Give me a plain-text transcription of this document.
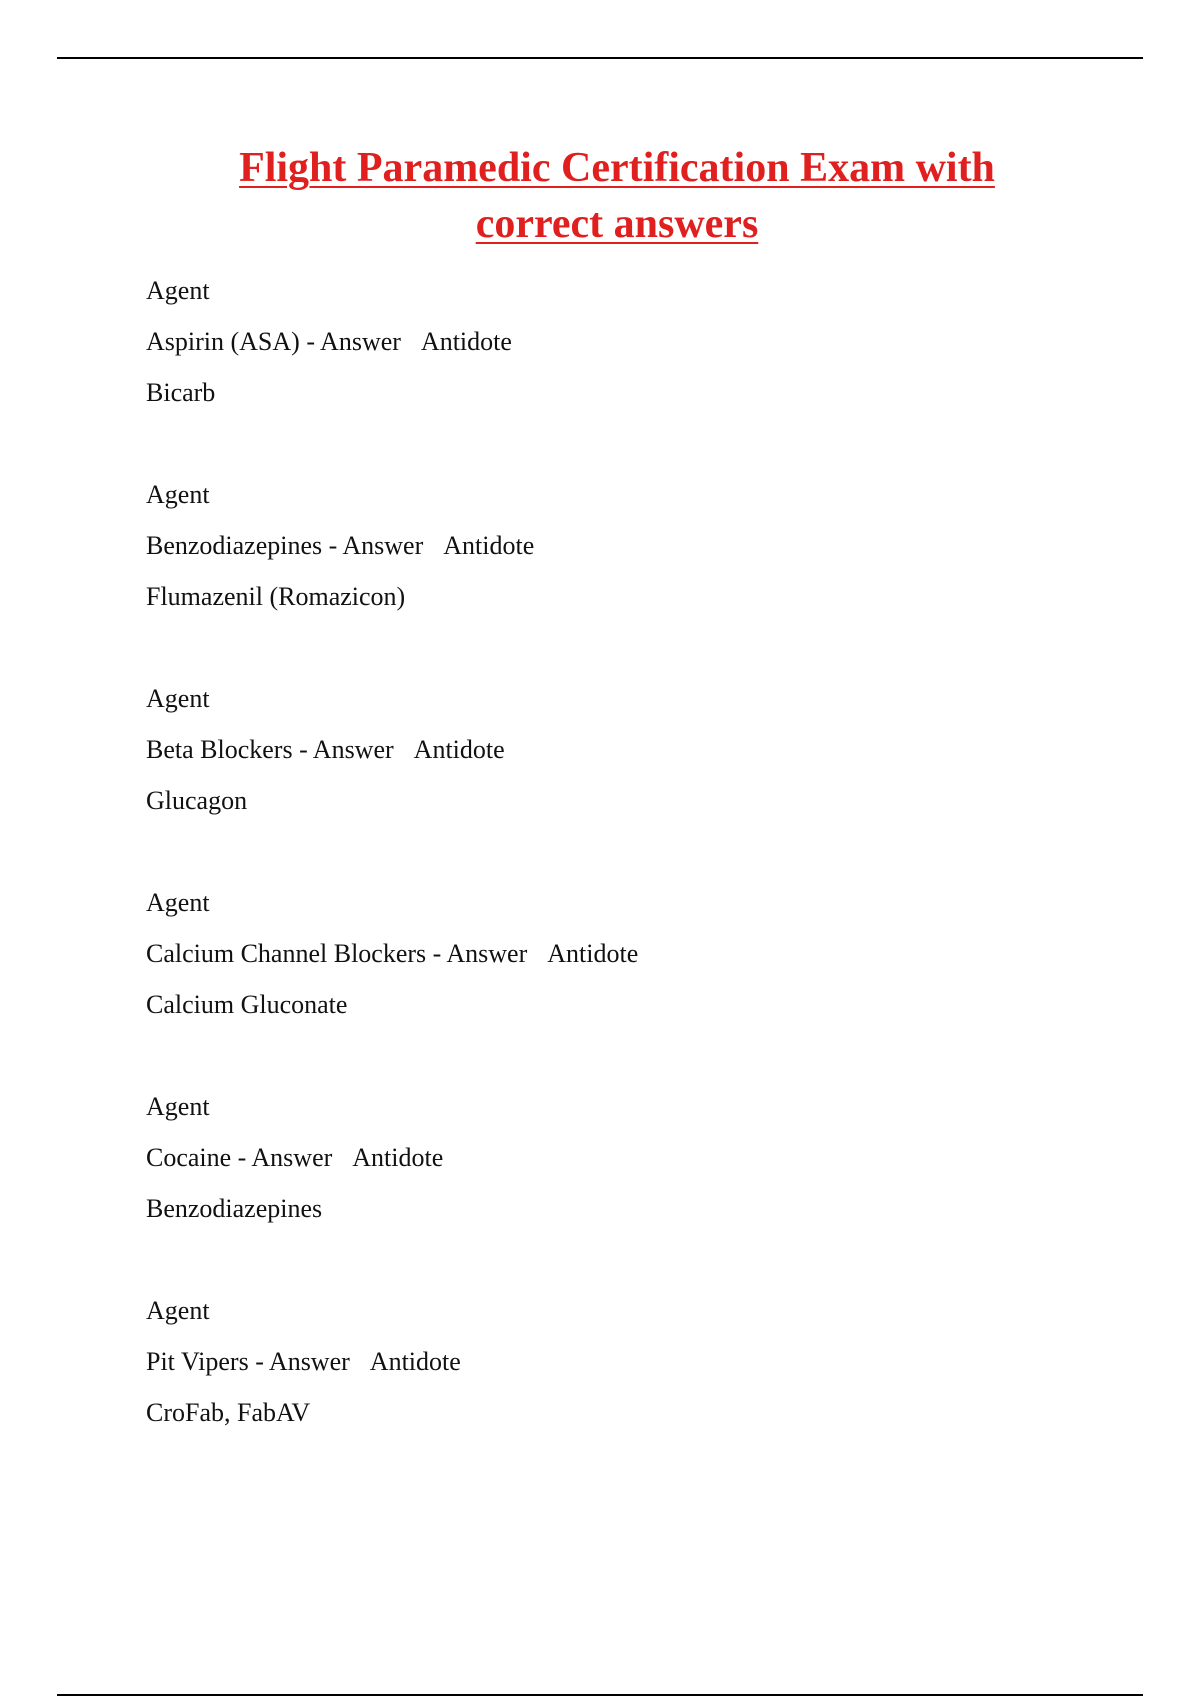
Flight Paramedic Certification Exam with
correct answers
Agent
Aspirin (ASA) - Answer Antidote
Bicarb
Agent
Benzodiazepines - Answer Antidote
Flumazenil (Romazicon)
Agent
Beta Blockers - Answer Antidote
Glucagon
Agent
Calcium Channel Blockers - Answer Antidote
Calcium Gluconate
Agent
Cocaine - Answer Antidote
Benzodiazepines
Agent
Pit Vipers - Answer Antidote
CroFab, FabAV
